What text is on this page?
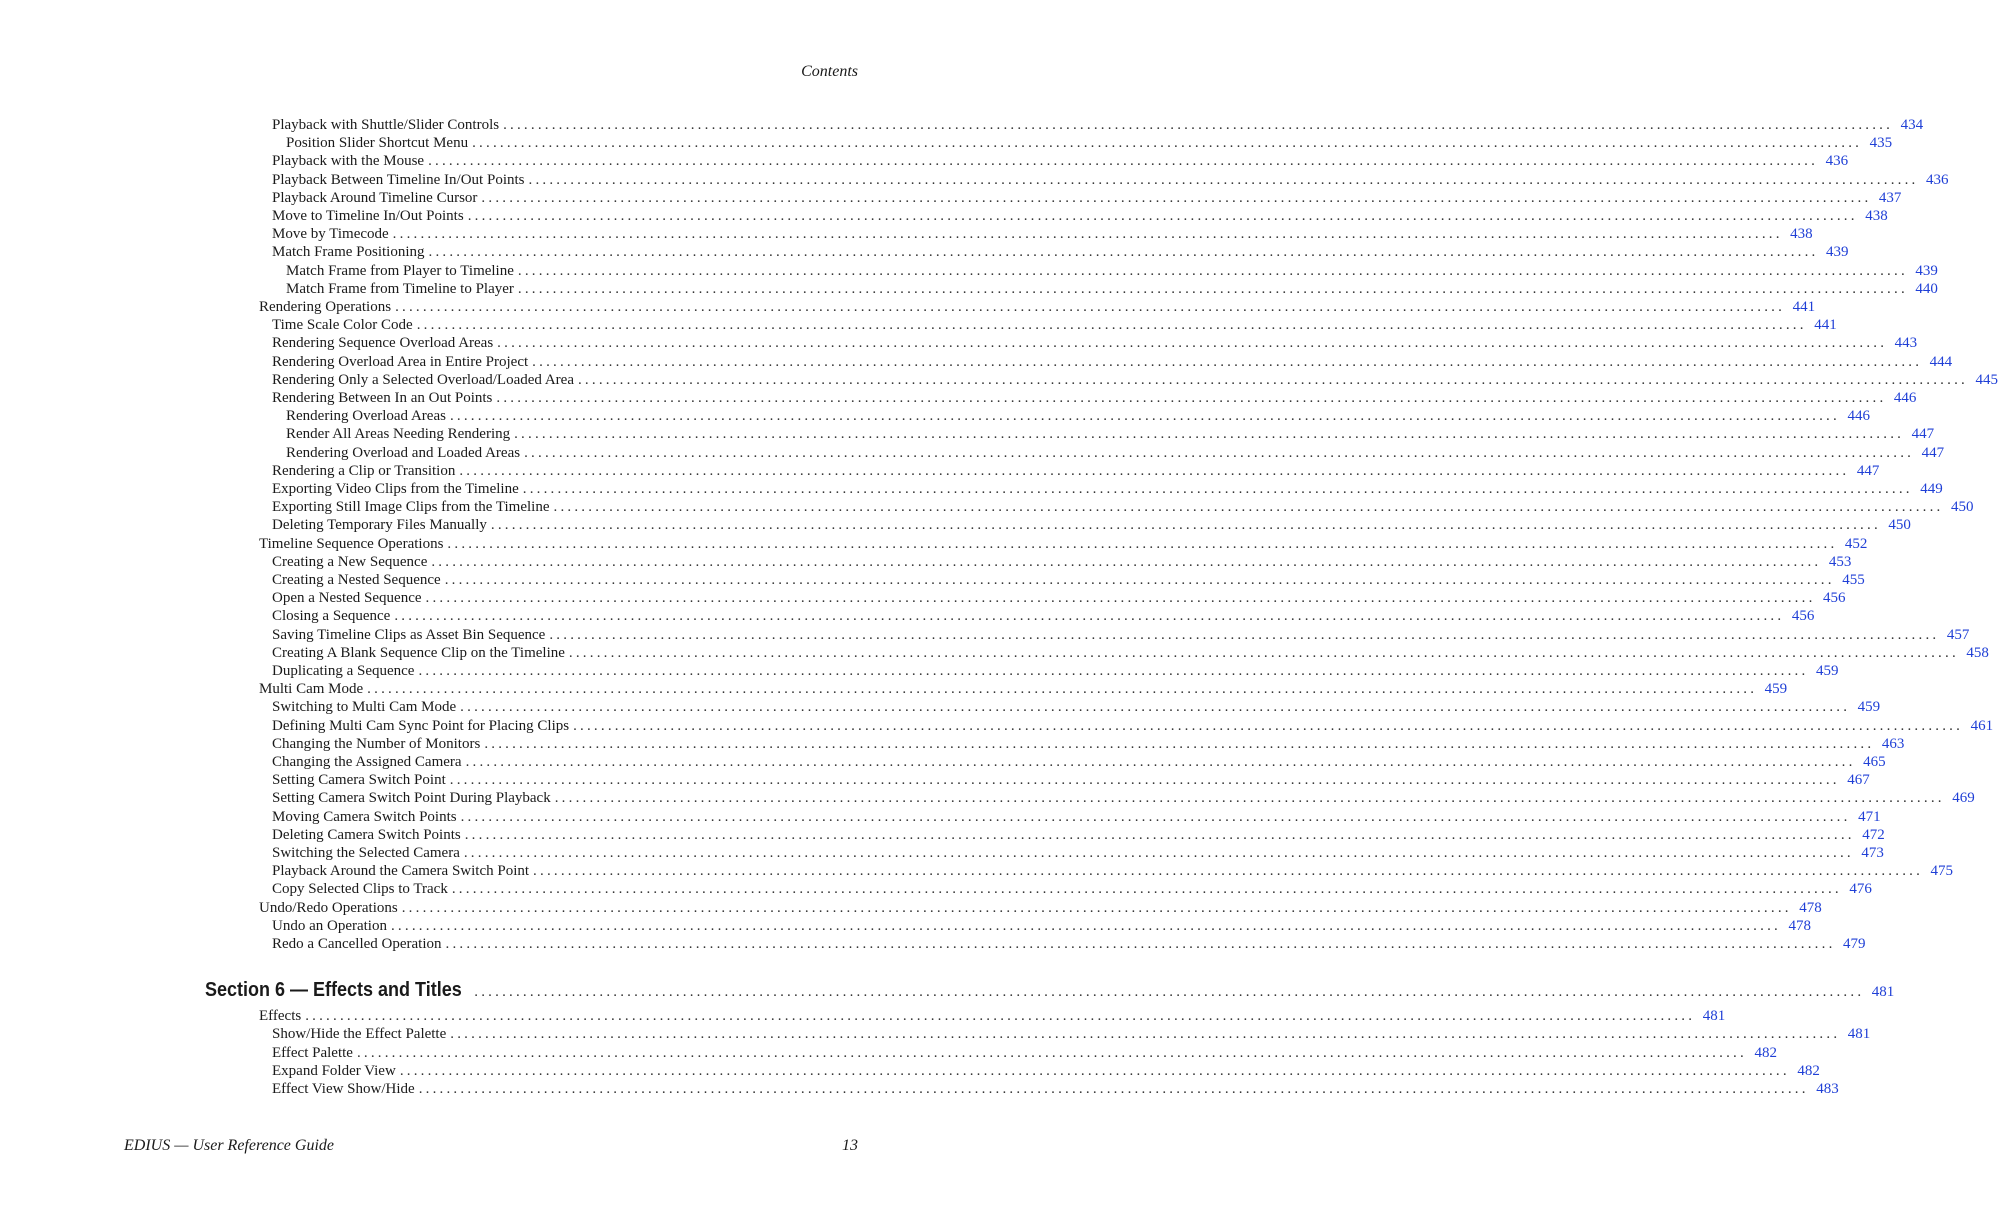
Contents
Playback with Shuttle/Slider Controls ........................................................................................................................................................................................................ 434
Position Slider Shortcut Menu ........................................................................................................................................................................................................ 435
Playback with the Mouse ........................................................................................................................................................................................................ 436
Playback Between Timeline In/Out Points ........................................................................................................................................................................................................ 436
Playback Around Timeline Cursor ........................................................................................................................................................................................................ 437
Move to Timeline In/Out Points ........................................................................................................................................................................................................ 438
Move by Timecode ........................................................................................................................................................................................................ 438
Match Frame Positioning ........................................................................................................................................................................................................ 439
Match Frame from Player to Timeline ........................................................................................................................................................................................................ 439
Match Frame from Timeline to Player ........................................................................................................................................................................................................ 440
Rendering Operations ........................................................................................................................................................................................................ 441
Time Scale Color Code ........................................................................................................................................................................................................ 441
Rendering Sequence Overload Areas ........................................................................................................................................................................................................ 443
Rendering Overload Area in Entire Project ........................................................................................................................................................................................................ 444
Rendering Only a Selected Overload/Loaded Area ........................................................................................................................................................................................................ 445
Rendering Between In an Out Points ........................................................................................................................................................................................................ 446
Rendering Overload Areas ........................................................................................................................................................................................................ 446
Render All Areas Needing Rendering ........................................................................................................................................................................................................ 447
Rendering Overload and Loaded Areas ........................................................................................................................................................................................................ 447
Rendering a Clip or Transition ........................................................................................................................................................................................................ 447
Exporting Video Clips from the Timeline ........................................................................................................................................................................................................ 449
Exporting Still Image Clips from the Timeline ........................................................................................................................................................................................................ 450
Deleting Temporary Files Manually ........................................................................................................................................................................................................ 450
Timeline Sequence Operations ........................................................................................................................................................................................................ 452
Creating a New Sequence ........................................................................................................................................................................................................ 453
Creating a Nested Sequence ........................................................................................................................................................................................................ 455
Open a Nested Sequence ........................................................................................................................................................................................................ 456
Closing a Sequence ........................................................................................................................................................................................................ 456
Saving Timeline Clips as Asset Bin Sequence ........................................................................................................................................................................................................ 457
Creating A Blank Sequence Clip on the Timeline ........................................................................................................................................................................................................ 458
Duplicating a Sequence ........................................................................................................................................................................................................ 459
Multi Cam Mode ........................................................................................................................................................................................................ 459
Switching to Multi Cam Mode ........................................................................................................................................................................................................ 459
Defining Multi Cam Sync Point for Placing Clips ........................................................................................................................................................................................................ 461
Changing the Number of Monitors ........................................................................................................................................................................................................ 463
Changing the Assigned Camera ........................................................................................................................................................................................................ 465
Setting Camera Switch Point ........................................................................................................................................................................................................ 467
Setting Camera Switch Point During Playback ........................................................................................................................................................................................................ 469
Moving Camera Switch Points ........................................................................................................................................................................................................ 471
Deleting Camera Switch Points ........................................................................................................................................................................................................ 472
Switching the Selected Camera ........................................................................................................................................................................................................ 473
Playback Around the Camera Switch Point ........................................................................................................................................................................................................ 475
Copy Selected Clips to Track ........................................................................................................................................................................................................ 476
Undo/Redo Operations ........................................................................................................................................................................................................ 478
Undo an Operation ........................................................................................................................................................................................................ 478
Redo a Cancelled Operation ........................................................................................................................................................................................................ 479
Section 6 — Effects and Titles ........................................................................................................................................................................................................ 481
Effects ........................................................................................................................................................................................................ 481
Show/Hide the Effect Palette ........................................................................................................................................................................................................ 481
Effect Palette ........................................................................................................................................................................................................ 482
Expand Folder View ........................................................................................................................................................................................................ 482
Effect View Show/Hide ........................................................................................................................................................................................................ 483
EDIUS — User Reference Guide	13
